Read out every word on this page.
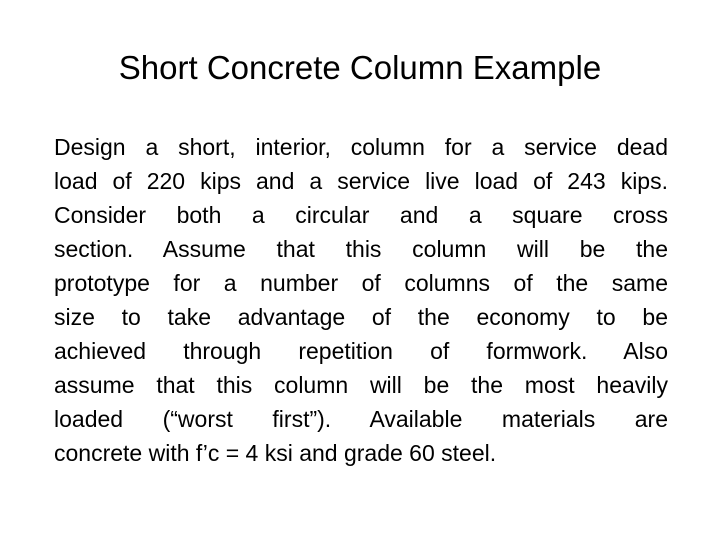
Short Concrete Column Example
Design a short, interior, column for a service dead
load of 220 kips and a service live load of 243 kips.
Consider both a circular and a square cross
section. Assume that this column will be the
prototype for a number of columns of the same
size to take advantage of the economy to be
achieved through repetition of formwork. Also
assume that this column will be the most heavily
loaded (“worst first”). Available materials are
concrete with f’c = 4 ksi and grade 60 steel.
